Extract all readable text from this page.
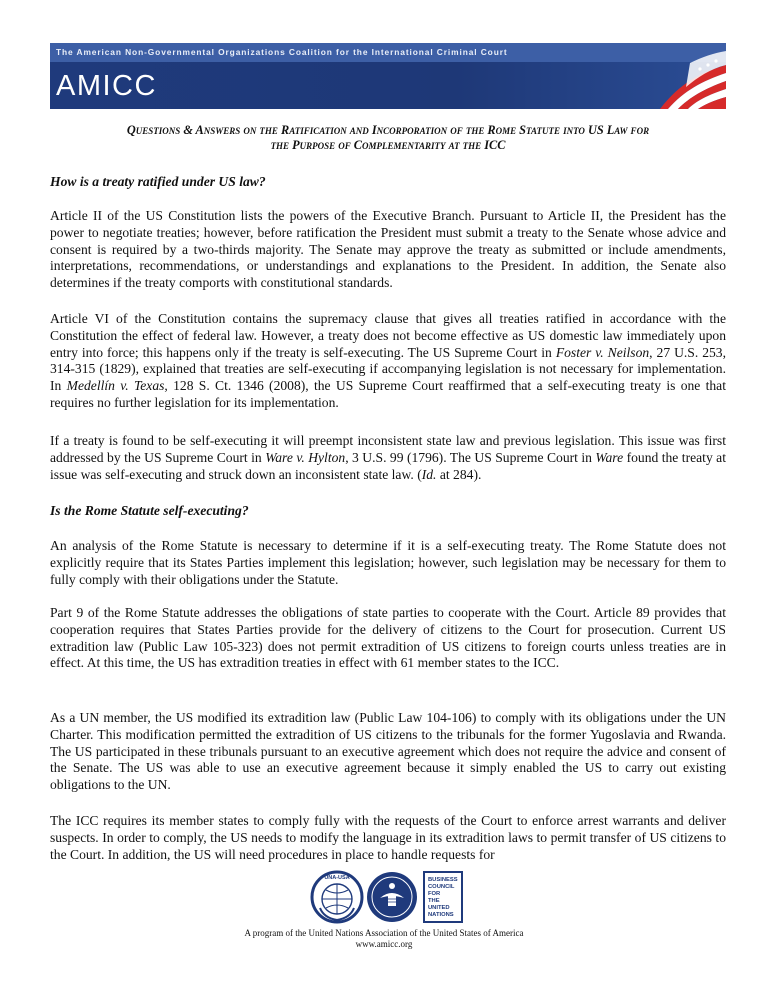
The American Non-Governmental Organizations Coalition for the International Criminal Court
AMICC
Questions & Answers on the Ratification and Incorporation of the Rome Statute into US Law for
the Purpose of Complementarity at the ICC

How is a treaty ratified under US law?

Article II of the US Constitution lists the powers of the Executive Branch. Pursuant to Article II, the President has the power to negotiate treaties; however, before ratification the President must submit a treaty to the Senate whose advice and consent is required by a two-thirds majority. The Senate may approve the treaty as submitted or include amendments, interpretations, recommendations, or understandings and explanations to the President. In addition, the Senate also determines if the treaty comports with constitutional standards.

Article VI of the Constitution contains the supremacy clause that gives all treaties ratified in accordance with the Constitution the effect of federal law. However, a treaty does not become effective as US domestic law immediately upon entry into force; this happens only if the treaty is self-executing. The US Supreme Court in Foster v. Neilson, 27 U.S. 253, 314-315 (1829), explained that treaties are self-executing if accompanying legislation is not necessary for implementation. In Medellín v. Texas, 128 S. Ct. 1346 (2008), the US Supreme Court reaffirmed that a self-executing treaty is one that requires no further legislation for its implementation.

If a treaty is found to be self-executing it will preempt inconsistent state law and previous legislation. This issue was first addressed by the US Supreme Court in Ware v. Hylton, 3 U.S. 99 (1796). The US Supreme Court in Ware found the treaty at issue was self-executing and struck down an inconsistent state law. (Id. at 284).

Is the Rome Statute self-executing?

An analysis of the Rome Statute is necessary to determine if it is a self-executing treaty. The Rome Statute does not explicitly require that its States Parties implement this legislation; however, such legislation may be necessary for them to fully comply with their obligations under the Statute.

Part 9 of the Rome Statute addresses the obligations of state parties to cooperate with the Court. Article 89 provides that cooperation requires that States Parties provide for the delivery of citizens to the Court for prosecution. Current US extradition law (Public Law 105-323) does not permit extradition of US citizens to foreign courts unless treaties are in effect. At this time, the US has extradition treaties in effect with 61 member states to the ICC.

As a UN member, the US modified its extradition law (Public Law 104-106) to comply with its obligations under the UN Charter. This modification permitted the extradition of US citizens to the tribunals for the former Yugoslavia and Rwanda. The US participated in these tribunals pursuant to an executive agreement which does not require the advice and consent of the Senate. The US was able to use an executive agreement because it simply enabled the US to carry out existing obligations to the UN.

The ICC requires its member states to comply fully with the requests of the Court to enforce arrest warrants and deliver suspects. In order to comply, the US needs to modify the language in its extradition laws to permit transfer of US citizens to the Court. In addition, the US will need procedures in place to handle requests for

UNA-USA	BUSINESS COUNCIL FOR THE UNITED NATIONS
A program of the United Nations Association of the United States of America
www.amicc.org
